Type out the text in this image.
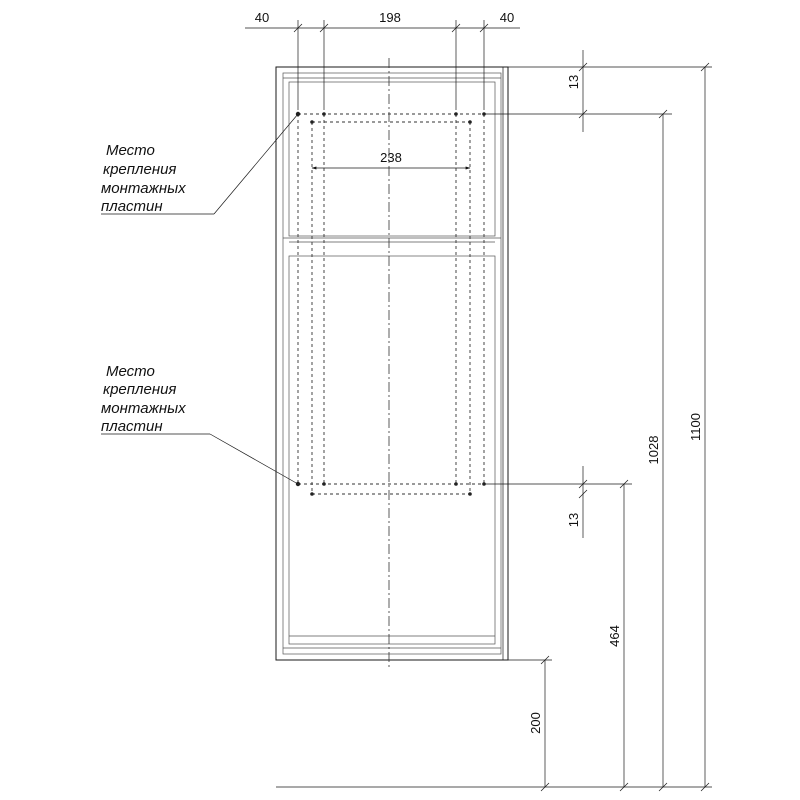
40	198	40
238
13
13
1100
1028
464
200
Место
крепления
монтажных
пластин
Место
крепления
монтажных
пластин
